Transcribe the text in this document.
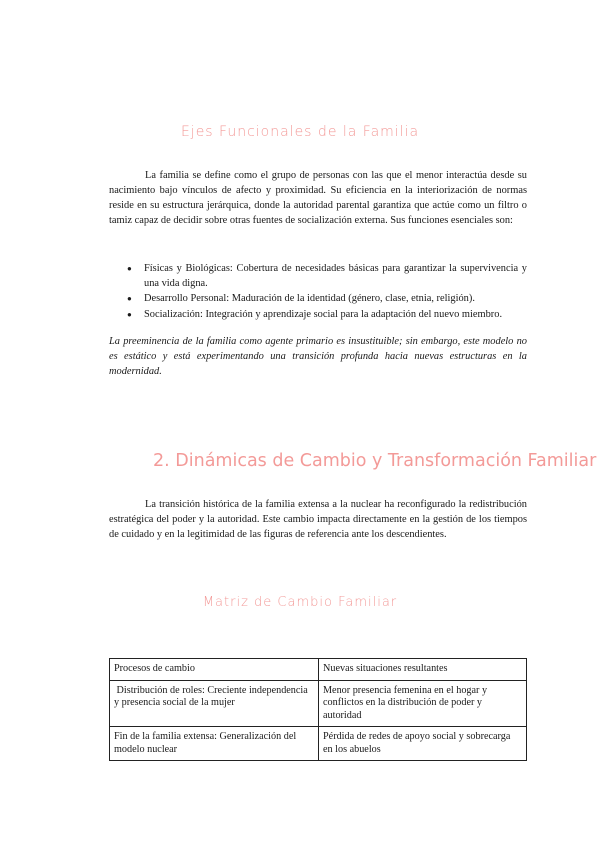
Ejes Funcionales de la Familia

La familia se define como el grupo de personas con las que el menor interactúa desde su nacimiento bajo vínculos de afecto y proximidad. Su eficiencia en la interiorización de normas reside en su estructura jerárquica, donde la autoridad parental garantiza que actúe como un filtro o tamiz capaz de decidir sobre otras fuentes de socialización externa. Sus funciones esenciales son:

● Físicas y Biológicas: Cobertura de necesidades básicas para garantizar la supervivencia y una vida digna.
● Desarrollo Personal: Maduración de la identidad (género, clase, etnia, religión).
● Socialización: Integración y aprendizaje social para la adaptación del nuevo miembro.

La preeminencia de la familia como agente primario es insustituible; sin embargo, este modelo no es estático y está experimentando una transición profunda hacia nuevas estructuras en la modernidad.

2. Dinámicas de Cambio y Transformación Familiar

La transición histórica de la familia extensa a la nuclear ha reconfigurado la redistribución estratégica del poder y la autoridad. Este cambio impacta directamente en la gestión de los tiempos de cuidado y en la legitimidad de las figuras de referencia ante los descendientes.

Matriz de Cambio Familiar
Procesos de cambio	Nuevas situaciones resultantes
Distribución de roles: Creciente independencia y presencia social de la mujer	Menor presencia femenina en el hogar y conflictos en la distribución de poder y autoridad
Fin de la familia extensa: Generalización del modelo nuclear	Pérdida de redes de apoyo social y sobrecarga en los abuelos
